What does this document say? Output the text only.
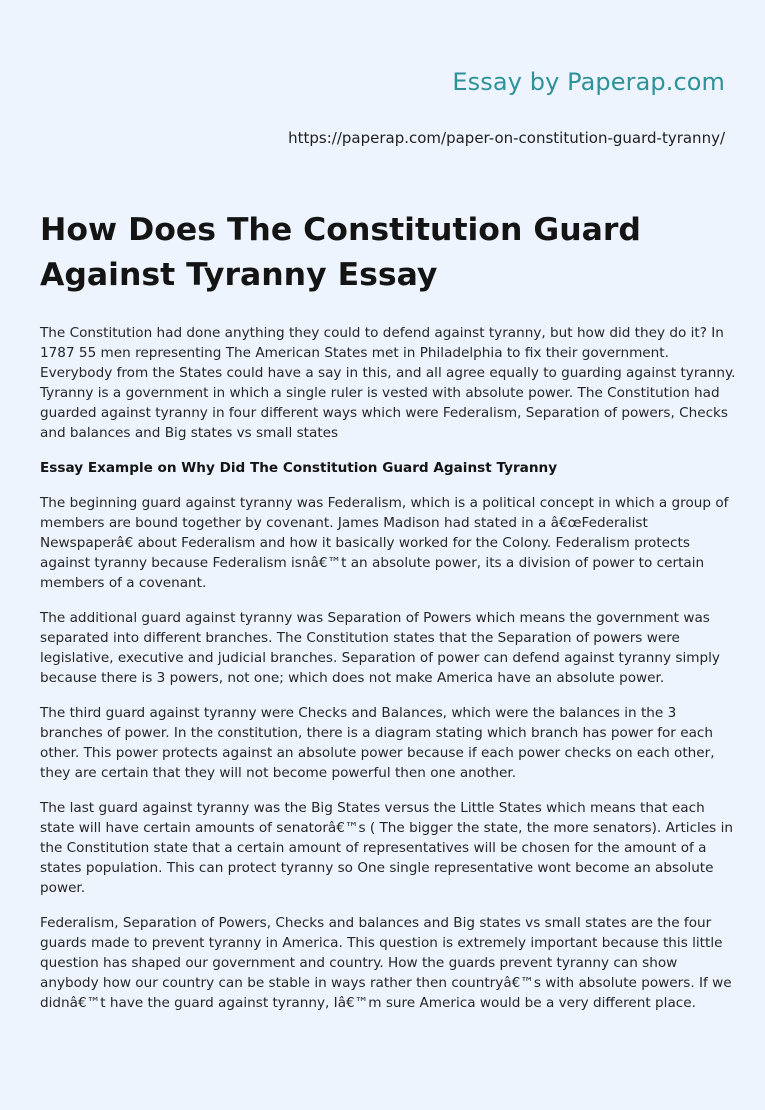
Essay by Paperap.com
https://paperap.com/paper-on-constitution-guard-tyranny/
How Does The Constitution Guard Against Tyranny Essay

The Constitution had done anything they could to defend against tyranny, but how did they do it? In 1787 55 men representing The American States met in Philadelphia to fix their government. Everybody from the States could have a say in this, and all agree equally to guarding against tyranny. Tyranny is a government in which a single ruler is vested with absolute power. The Constitution had guarded against tyranny in four different ways which were Federalism, Separation of powers, Checks and balances and Big states vs small states

Essay Example on Why Did The Constitution Guard Against Tyranny

The beginning guard against tyranny was Federalism, which is a political concept in which a group of members are bound together by covenant. James Madison had stated in a â€œFederalist Newspaperâ€ about Federalism and how it basically worked for the Colony. Federalism protects against tyranny because Federalism isnâ€™t an absolute power, its a division of power to certain members of a covenant.

The additional guard against tyranny was Separation of Powers which means the government was separated into different branches. The Constitution states that the Separation of powers were legislative, executive and judicial branches. Separation of power can defend against tyranny simply because there is 3 powers, not one; which does not make America have an absolute power.

The third guard against tyranny were Checks and Balances, which were the balances in the 3 branches of power. In the constitution, there is a diagram stating which branch has power for each other. This power protects against an absolute power because if each power checks on each other, they are certain that they will not become powerful then one another.

The last guard against tyranny was the Big States versus the Little States which means that each state will have certain amounts of senatorâ€™s ( The bigger the state, the more senators). Articles in the Constitution state that a certain amount of representatives will be chosen for the amount of a states population. This can protect tyranny so One single representative wont become an absolute power.

Federalism, Separation of Powers, Checks and balances and Big states vs small states are the four guards made to prevent tyranny in America. This question is extremely important because this little question has shaped our government and country. How the guards prevent tyranny can show anybody how our country can be stable in ways rather then countryâ€™s with absolute powers. If we didnâ€™t have the guard against tyranny, Iâ€™m sure America would be a very different place.
